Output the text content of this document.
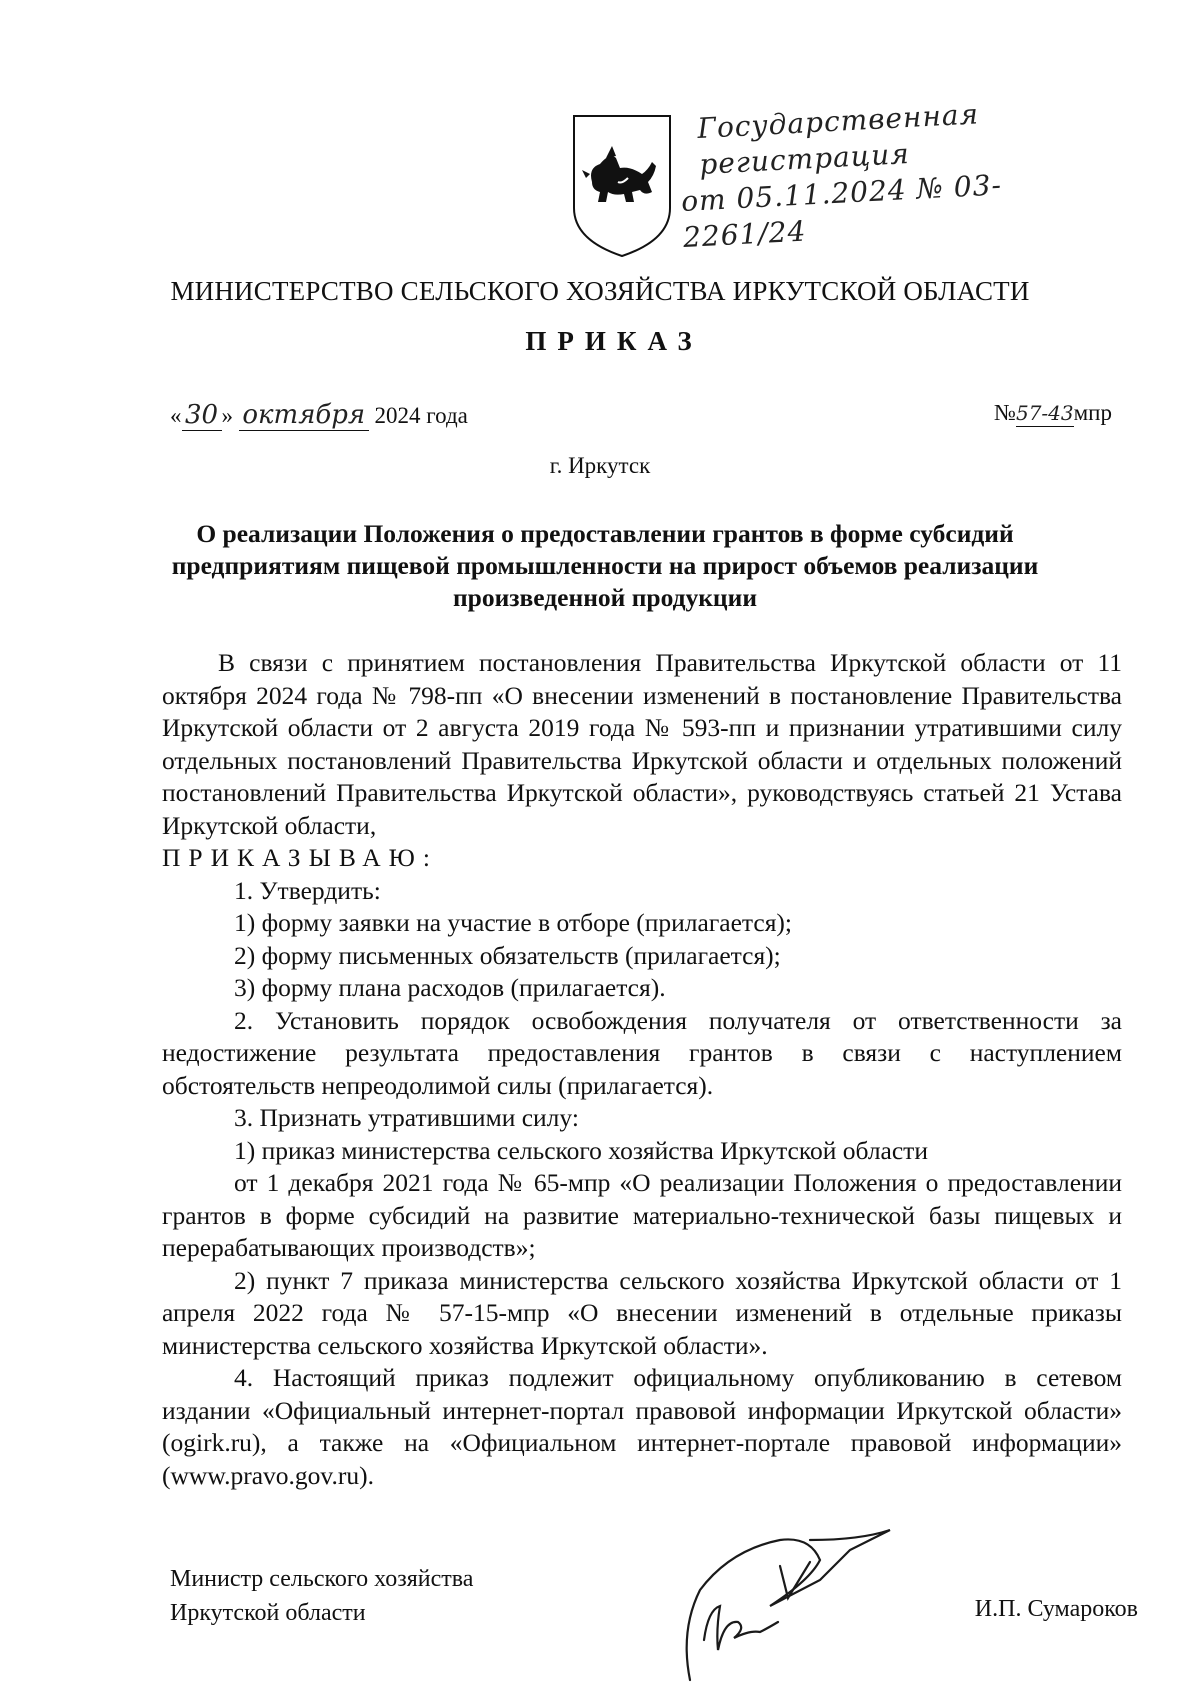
Государственная регистрация
от 05.11.2024 № 03-2261/24
МИНИСТЕРСТВО СЕЛЬСКОГО ХОЗЯЙСТВА ИРКУТСКОЙ ОБЛАСТИ
ПРИКАЗ
« 30 » октября 2024 года	№57-43мпр
г. Иркутск
О реализации Положения о предоставлении грантов в форме субсидий предприятиям пищевой промышленности на прирост объемов реализации произведенной продукции

В связи с принятием постановления Правительства Иркутской области от 11 октября 2024 года № 798-пп «О внесении изменений в постановление Правительства Иркутской области от 2 августа 2019 года № 593-пп и признании утратившими силу отдельных постановлений Правительства Иркутской области и отдельных положений постановлений Правительства Иркутской области», руководствуясь статьей 21 Устава Иркутской области,

ПРИКАЗЫВАЮ:

1. Утвердить:

1) форму заявки на участие в отборе (прилагается);

2) форму письменных обязательств (прилагается);

3) форму плана расходов (прилагается).

2. Установить порядок освобождения получателя от ответственности за недостижение результата предоставления грантов в связи с наступлением обстоятельств непреодолимой силы (прилагается).

3. Признать утратившими силу:

1) приказ министерства сельского хозяйства Иркутской области

от 1 декабря 2021 года № 65-мпр «О реализации Положения о предоставлении грантов в форме субсидий на развитие материально-технической базы пищевых и перерабатывающих производств»;

2) пункт 7 приказа министерства сельского хозяйства Иркутской области от 1 апреля 2022 года № 57-15-мпр «О внесении изменений в отдельные приказы министерства сельского хозяйства Иркутской области».

4. Настоящий приказ подлежит официальному опубликованию в сетевом издании «Официальный интернет-портал правовой информации Иркутской области» (ogirk.ru), а также на «Официальном интернет-портале правовой информации» (www.pravo.gov.ru).

Министр сельского хозяйства
Иркутской области	И.П. Сумароков
